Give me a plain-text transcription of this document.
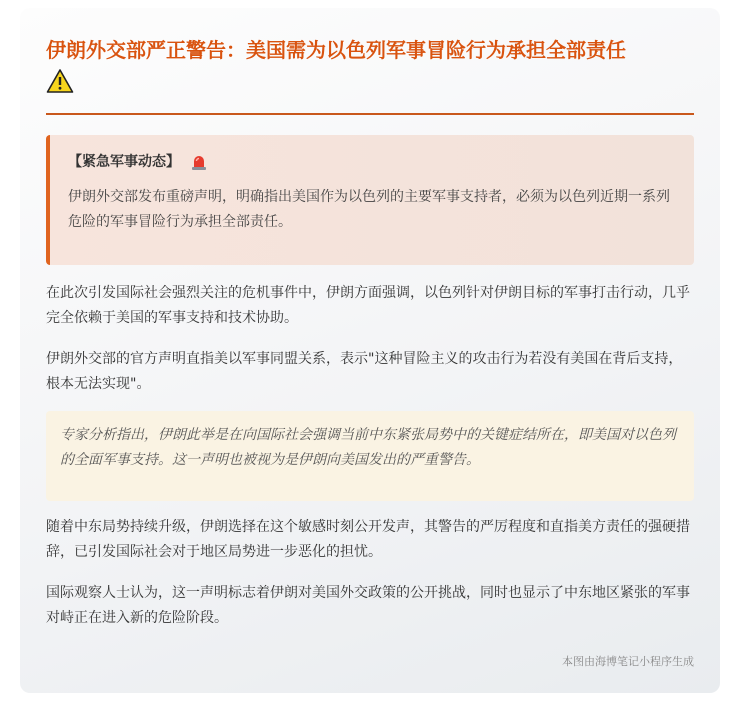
伊朗外交部严正警告：美国需为以色列军事冒险行为承担全部责任

【紧急军事动态】
伊朗外交部发布重磅声明，明确指出美国作为以色列的主要军事支持者，必须为以色列近期一系列危险的军事冒险行为承担全部责任。

在此次引发国际社会强烈关注的危机事件中，伊朗方面强调，以色列针对伊朗目标的军事打击行动，几乎完全依赖于美国的军事支持和技术协助。

伊朗外交部的官方声明直指美以军事同盟关系，表示"这种冒险主义的攻击行为若没有美国在背后支持，根本无法实现"。

专家分析指出，伊朗此举是在向国际社会强调当前中东紧张局势中的关键症结所在，即美国对以色列的全面军事支持。这一声明也被视为是伊朗向美国发出的严重警告。

随着中东局势持续升级，伊朗选择在这个敏感时刻公开发声，其警告的严厉程度和直指美方责任的强硬措辞，已引发国际社会对于地区局势进一步恶化的担忧。

国际观察人士认为，这一声明标志着伊朗对美国外交政策的公开挑战，同时也显示了中东地区紧张的军事对峙正在进入新的危险阶段。

本图由海博笔记小程序生成
